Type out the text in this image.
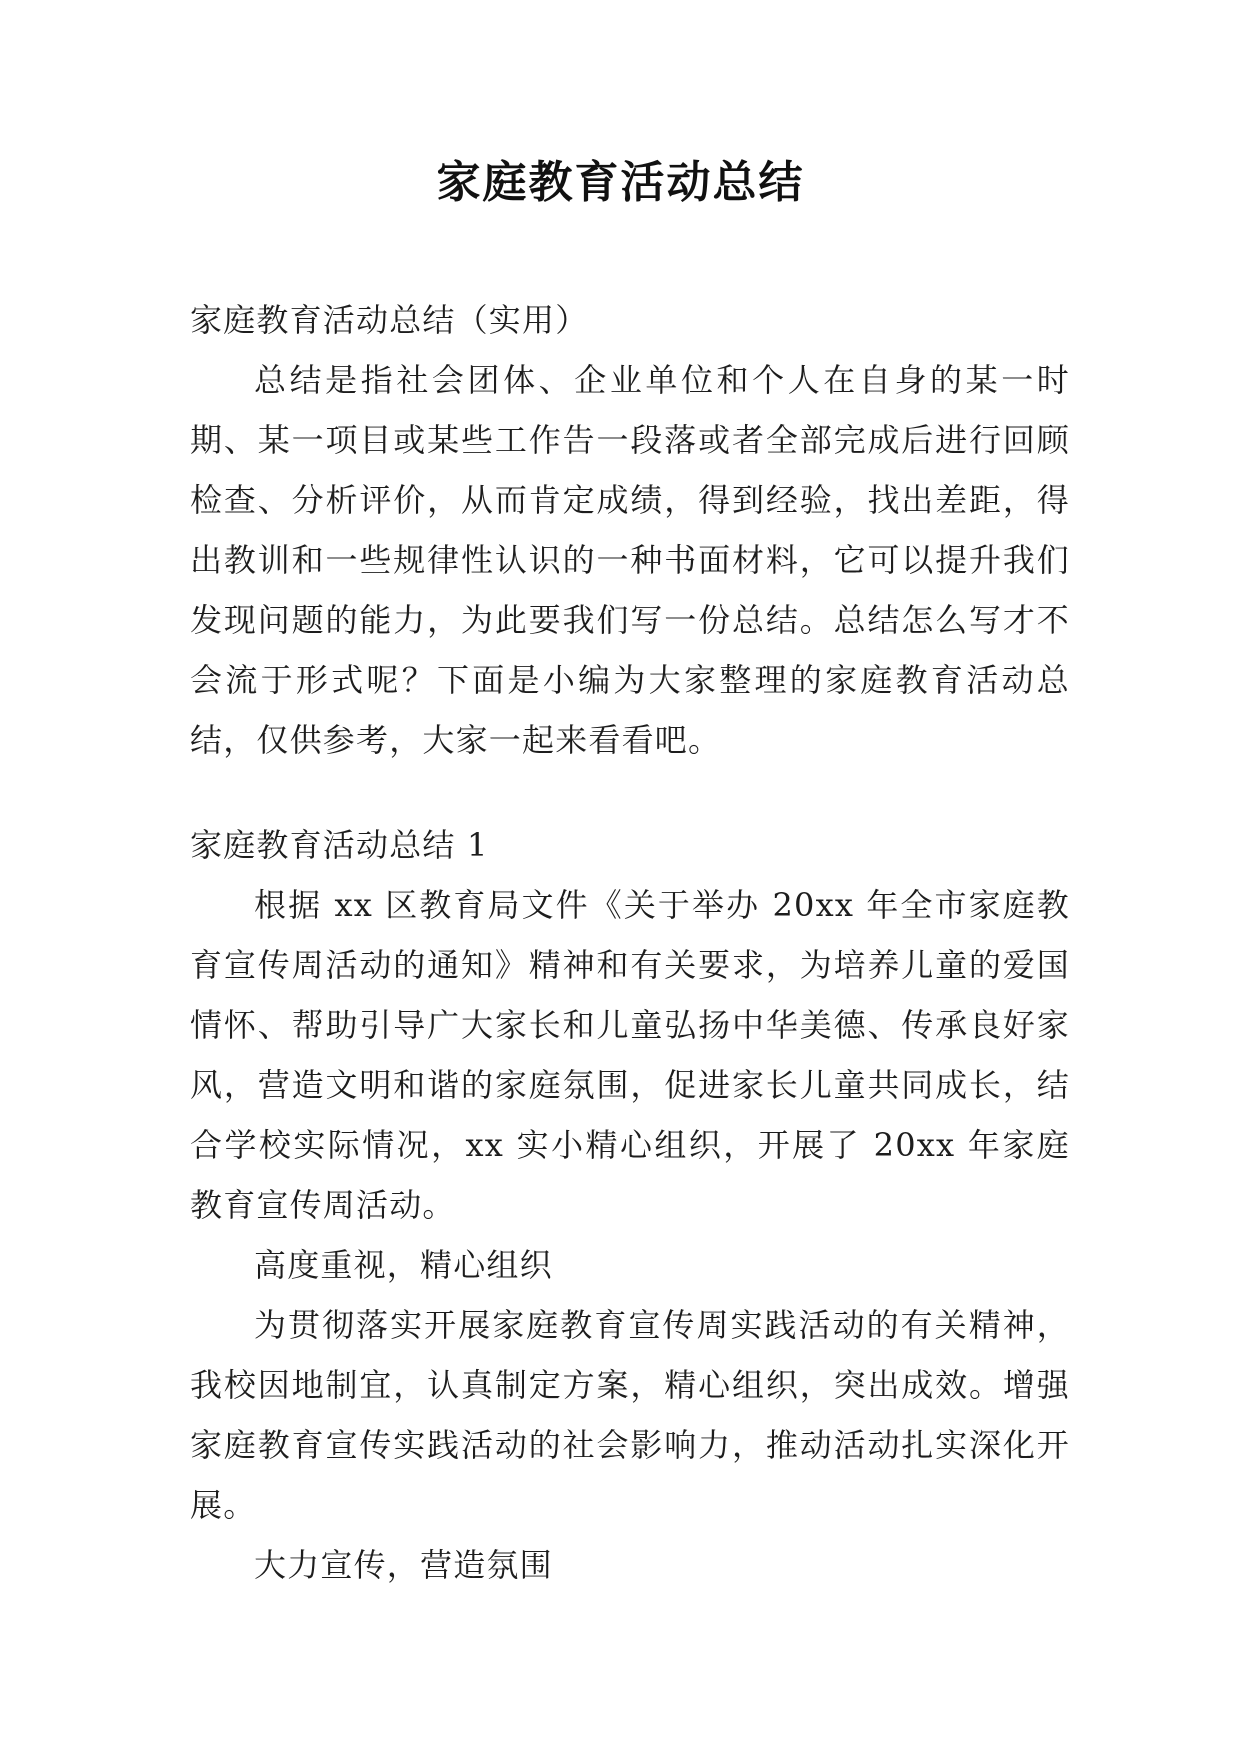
家庭教育活动总结

家庭教育活动总结（实用）

总结是指社会团体、企业单位和个人在自身的某一时期、某一项目或某些工作告一段落或者全部完成后进行回顾检查、分析评价，从而肯定成绩，得到经验，找出差距，得出教训和一些规律性认识的一种书面材料，它可以提升我们发现问题的能力，为此要我们写一份总结。总结怎么写才不会流于形式呢？下面是小编为大家整理的家庭教育活动总结，仅供参考，大家一起来看看吧。

家庭教育活动总结 1

根据 xx 区教育局文件《关于举办 20xx 年全市家庭教育宣传周活动的通知》精神和有关要求，为培养儿童的爱国情怀、帮助引导广大家长和儿童弘扬中华美德、传承良好家风，营造文明和谐的家庭氛围，促进家长儿童共同成长，结合学校实际情况，xx 实小精心组织，开展了 20xx 年家庭教育宣传周活动。

高度重视，精心组织

为贯彻落实开展家庭教育宣传周实践活动的有关精神，我校因地制宜，认真制定方案，精心组织，突出成效。增强家庭教育宣传实践活动的社会影响力，推动活动扎实深化开展。

大力宣传，营造氛围
